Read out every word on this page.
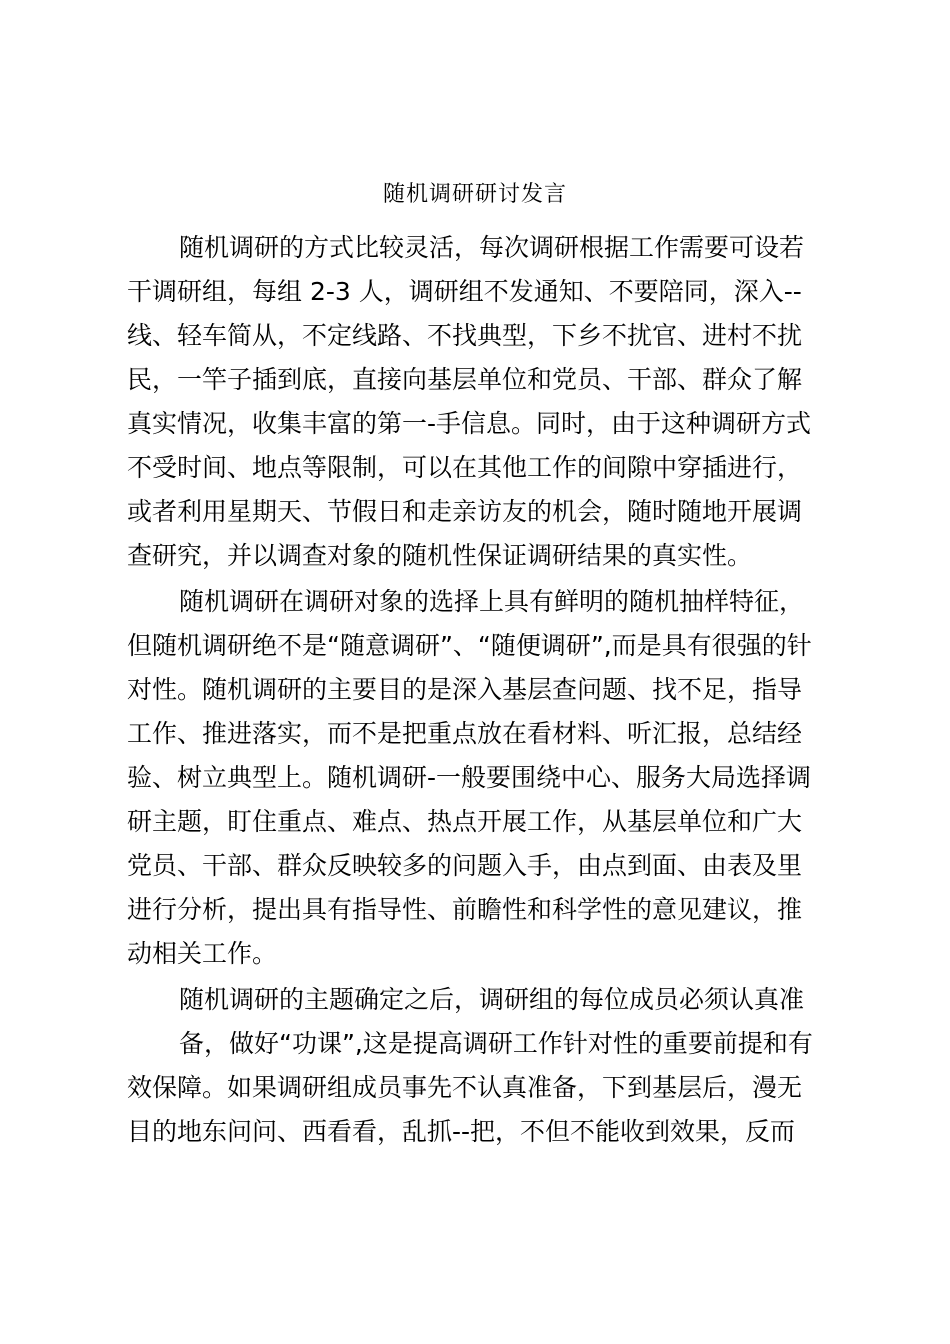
随机调研研讨发言
随机调研的方式比较灵活，每次调研根据工作需要可设若
干调研组，每组 2-3 人，调研组不发通知、不要陪同，深入--
线、轻车简从，不定线路、不找典型，下乡不扰官、进村不扰
民，一竿子插到底，直接向基层单位和党员、干部、群众了解
真实情况，收集丰富的第一-手信息。同时，由于这种调研方式
不受时间、地点等限制，可以在其他工作的间隙中穿插进行，
或者利用星期天、节假日和走亲访友的机会，随时随地开展调
查研究，并以调查对象的随机性保证调研结果的真实性。
随机调研在调研对象的选择上具有鲜明的随机抽样特征，
但随机调研绝不是“随意调研”、“随便调研”,而是具有很强的针
对性。随机调研的主要目的是深入基层查问题、找不足，指导
工作、推进落实，而不是把重点放在看材料、听汇报，总结经
验、树立典型上。随机调研-一般要围绕中心、服务大局选择调
研主题，盯住重点、难点、热点开展工作，从基层单位和广大
党员、干部、群众反映较多的问题入手，由点到面、由表及里
进行分析，提出具有指导性、前瞻性和科学性的意见建议，推
动相关工作。
随机调研的主题确定之后，调研组的每位成员必须认真准
备，做好“功课”,这是提高调研工作针对性的重要前提和有
效保障。如果调研组成员事先不认真准备，下到基层后，漫无
目的地东问问、西看看，乱抓--把，不但不能收到效果，反而
